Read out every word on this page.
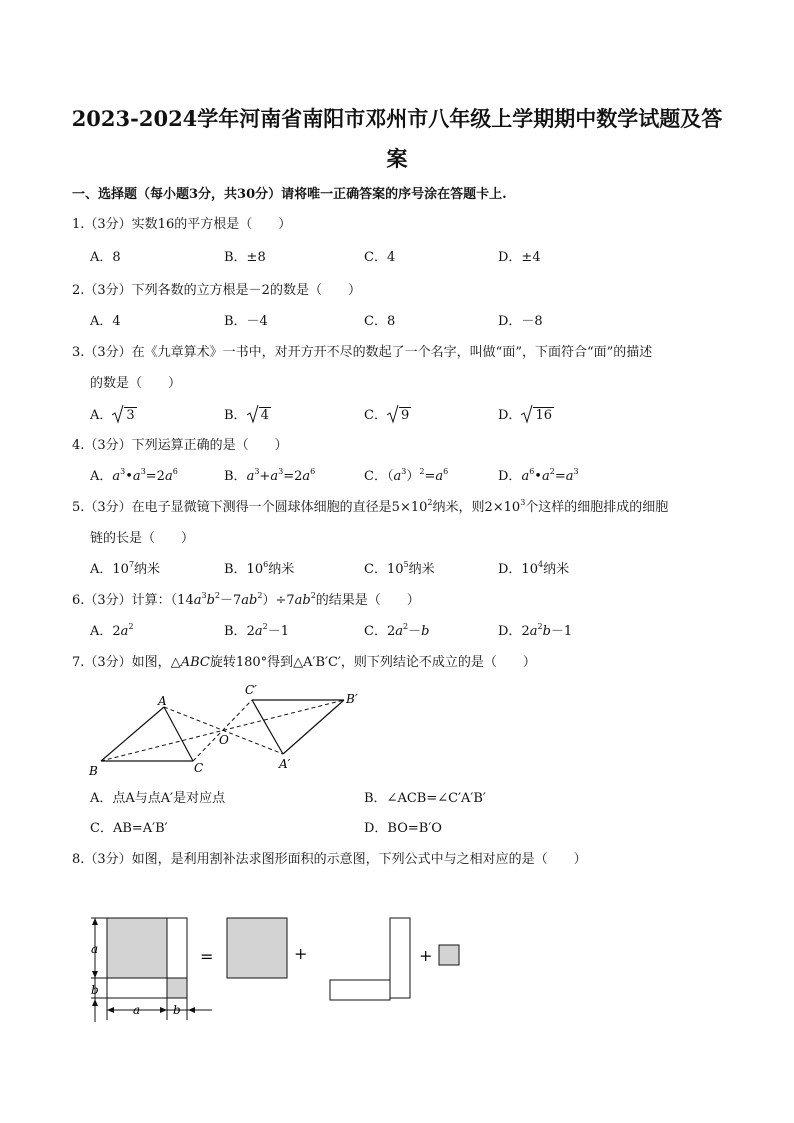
2023-2024学年河南省南阳市邓州市八年级上学期期中数学试题及答
案
一、选择题（每小题3分，共30分）请将唯一正确答案的序号涂在答题卡上.
1.（3分）实数16的平方根是（　　）
A．8	B．±8	C．4	D．±4
2.（3分）下列各数的立方根是－2的数是（　　）
A．4	B．－4	C．8	D．－8
3.（3分）在《九章算术》一书中，对开方开不尽的数起了一个名字，叫做“面”，下面符合“面”的描述
的数是（　　）
A． 3	B． 4	C． 9	D． 16
4.（3分）下列运算正确的是（　　）
A．$a^3•a^3=2a^6$	B．$a^3+a^3=2a^6$	C．$(a^3)^2=a^6$	D．$a^6•a^2=a^3$
5.（3分）在电子显微镜下测得一个圆球体细胞的直径是$5\times 10^2$纳米，则$2\times 10^3$个这样的细胞排成的细胞
链的长是（　　）
A．$10^7$纳米	B．$10^6$纳米	C．$10^5$纳米	D．$10^4$纳米
6.（3分）计算：$(14a^3b^2-7ab^2)\div 7ab^2$的结果是（　　）
A．$2a^2$	B．$2a^2-1$	C．$2a^2-b$	D．$2a^2b-1$
7.（3分）如图，△ABC旋转180°得到△A′B′C′，则下列结论不成立的是（　　）
A
B	C
O
A′
B′
C′
A．点A与点A′是对应点	B．∠ACB=∠C′A′B′
C．AB=A′B′	D．BO=B′O
8.（3分）如图，是利用割补法求图形面积的示意图，下列公式中与之相对应的是（　　）
a
b
a	b
=	+	+
